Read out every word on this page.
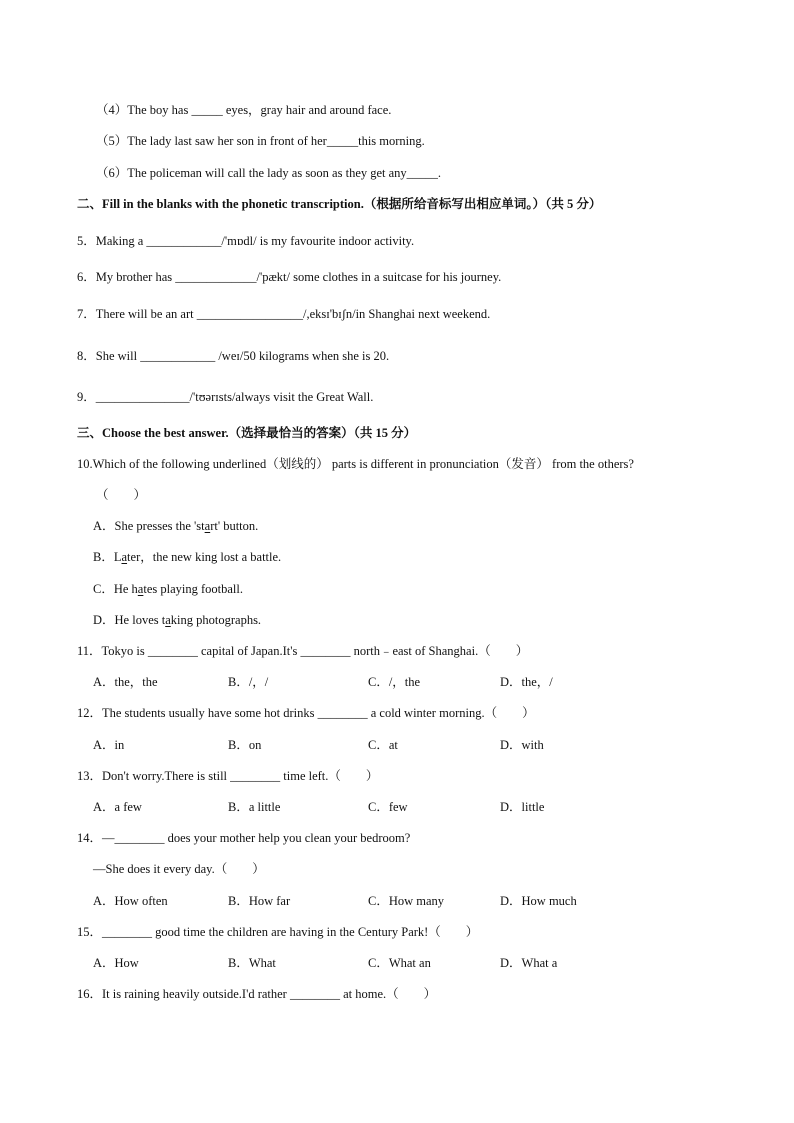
（4）The boy has _____ eyes，gray hair and around face.
（5）The lady last saw her son in front of her_____this morning.
（6）The policeman will call the lady as soon as they get any_____.
二、Fill in the blanks with the phonetic transcription.（根据所给音标写出相应单词。）（共 5 分）
5．Making a ____________/'mɒdl/ is my favourite indoor activity.
6．My brother has _____________/'pækt/ some clothes in a suitcase for his journey.
7．There will be an art _________________/,eksɪ'bɪʃn/in Shanghai next weekend.
8．She will ____________ /weɪ/50 kilograms when she is 20.
9．_______________/'tʊərɪsts/always visit the Great Wall.
三、Choose the best answer.（选择最恰当的答案）（共 15 分）
10.Which of the following underlined（划线的） parts is different in pronunciation（发音） from the others?
（　　）
A．She presses the 'start' button.
B．Later，the new king lost a battle.
C．He hates playing football.
D．He loves taking photographs.
11．Tokyo is ________ capital of Japan.It's ________ north﹣east of Shanghai.（　　）
A．the，the	B．/，/	C．/，the	D．the，/
12．The students usually have some hot drinks ________ a cold winter morning.（　　）
A．in	B．on	C．at	D．with
13．Don't worry.There is still ________ time left.（　　）
A．a few	B．a little	C．few	D．little
14．—________ does your mother help you clean your bedroom?
—She does it every day.（　　）
A．How often	B．How far	C．How many	D．How much
15．________ good time the children are having in the Century Park!（　　）
A．How	B．What	C．What an	D．What a
16．It is raining heavily outside.I'd rather ________ at home.（　　）
